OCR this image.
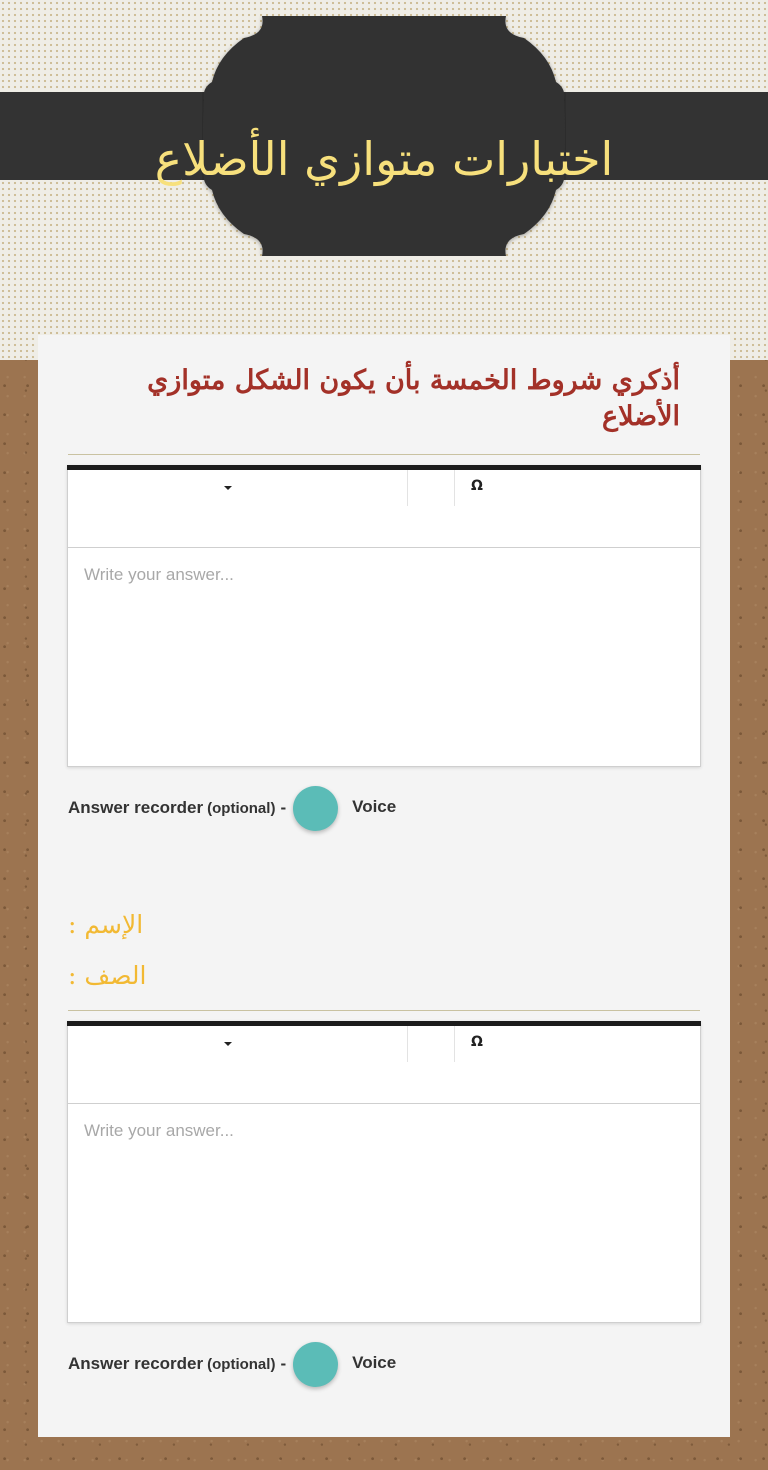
اختبارات متوازي الأضلاع
أذكري شروط الخمسة بأن يكون الشكل متوازي الأضلاع
Ω
Write your answer...
Answer recorder (optional) -	Voice
الإسم :
الصف :
Ω
Write your answer...
Answer recorder (optional) -	Voice
